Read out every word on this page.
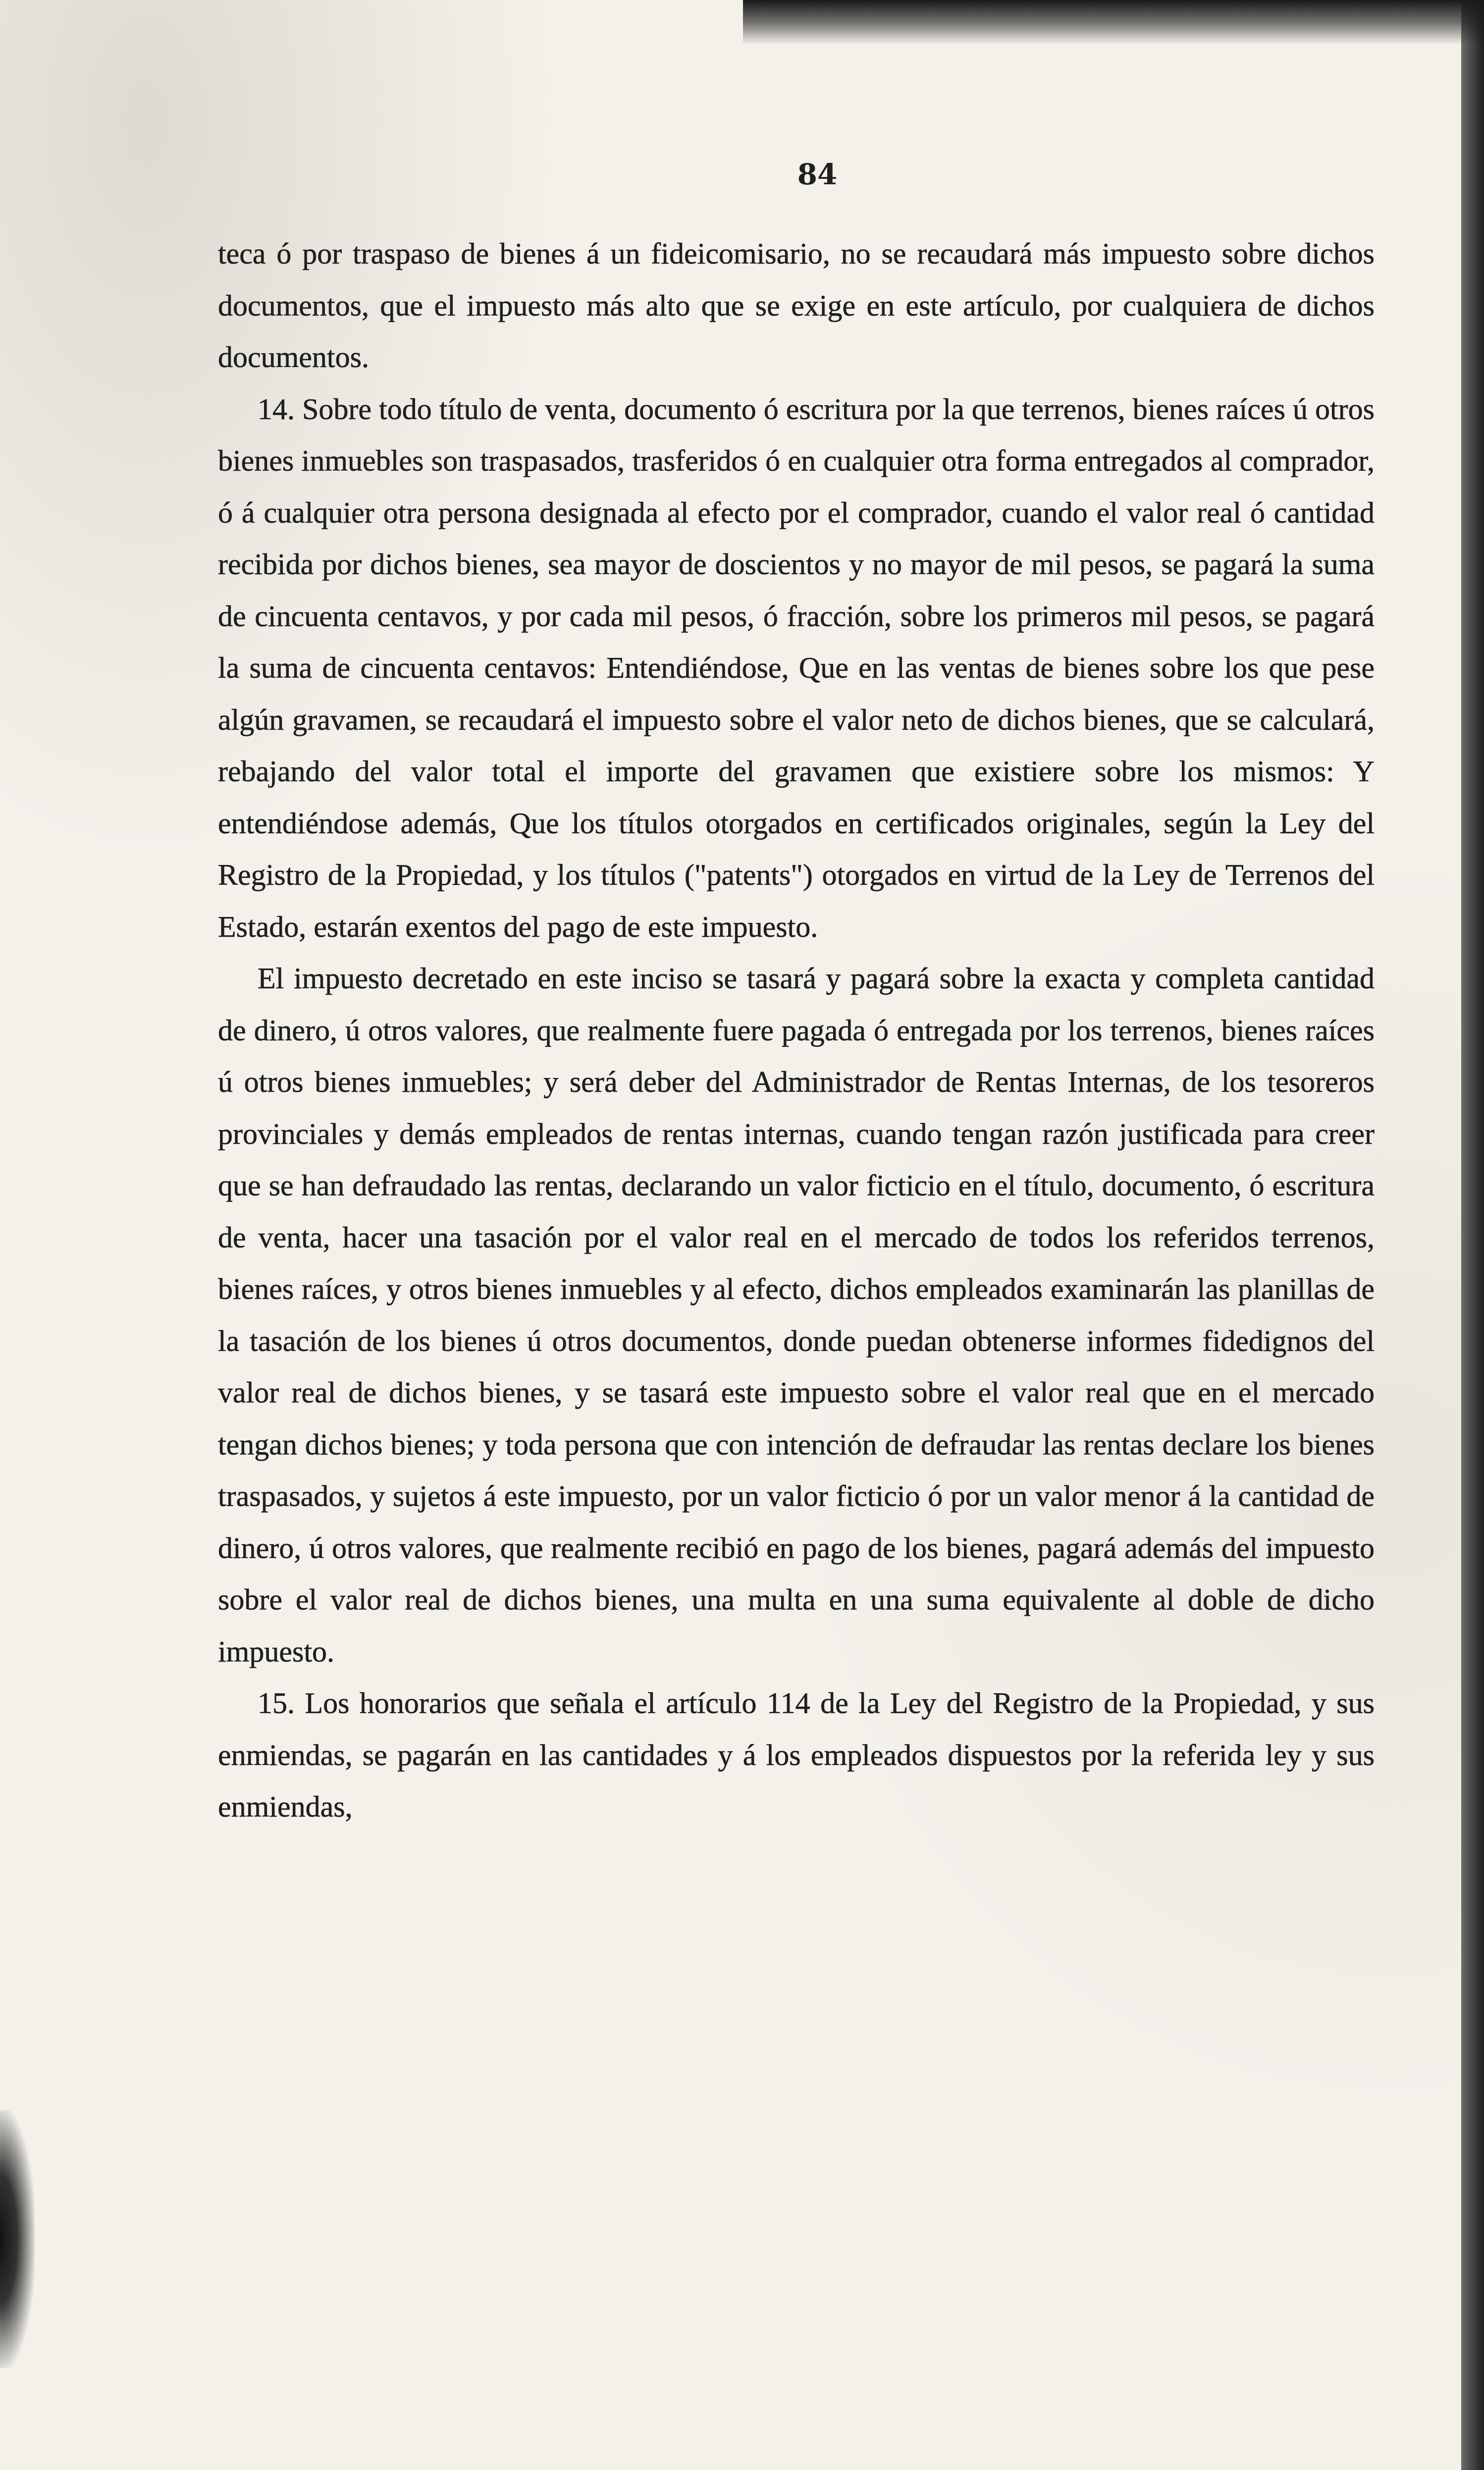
84

teca ó por traspaso de bienes á un fideicomisario, no se recaudará más impuesto sobre dichos documentos, que el impuesto más alto que se exige en este artículo, por cualquiera de dichos documentos.

14. Sobre todo título de venta, documento ó escritura por la que terrenos, bienes raíces ú otros bienes inmuebles son traspasados, trasferidos ó en cualquier otra forma entregados al comprador, ó á cualquier otra persona designada al efecto por el comprador, cuando el valor real ó cantidad recibida por dichos bienes, sea mayor de doscientos y no mayor de mil pesos, se pagará la suma de cincuenta centavos, y por cada mil pesos, ó fracción, sobre los primeros mil pesos, se pagará la suma de cincuenta centavos: Entendiéndose, Que en las ventas de bienes sobre los que pese algún gravamen, se recaudará el impuesto sobre el valor neto de dichos bienes, que se calculará, rebajando del valor total el importe del gravamen que existiere sobre los mismos: Y entendiéndose además, Que los títulos otorgados en certificados originales, según la Ley del Registro de la Propiedad, y los títulos ("patents") otorgados en virtud de la Ley de Terrenos del Estado, estarán exentos del pago de este impuesto.

El impuesto decretado en este inciso se tasará y pagará sobre la exacta y completa cantidad de dinero, ú otros valores, que realmente fuere pagada ó entregada por los terrenos, bienes raíces ú otros bienes inmuebles; y será deber del Administrador de Rentas Internas, de los tesoreros provinciales y demás empleados de rentas internas, cuando tengan razón justificada para creer que se han defraudado las rentas, declarando un valor ficticio en el título, documento, ó escritura de venta, hacer una tasación por el valor real en el mercado de todos los referidos terrenos, bienes raíces, y otros bienes inmuebles y al efecto, dichos empleados examinarán las planillas de la tasación de los bienes ú otros documentos, donde puedan obtenerse informes fidedignos del valor real de dichos bienes, y se tasará este impuesto sobre el valor real que en el mercado tengan dichos bienes; y toda persona que con intención de defraudar las rentas declare los bienes traspasados, y sujetos á este impuesto, por un valor ficticio ó por un valor menor á la cantidad de dinero, ú otros valores, que realmente recibió en pago de los bienes, pagará además del impuesto sobre el valor real de dichos bienes, una multa en una suma equivalente al doble de dicho impuesto.

15. Los honorarios que señala el artículo 114 de la Ley del Registro de la Propiedad, y sus enmiendas, se pagarán en las cantidades y á los empleados dispuestos por la referida ley y sus enmiendas,
